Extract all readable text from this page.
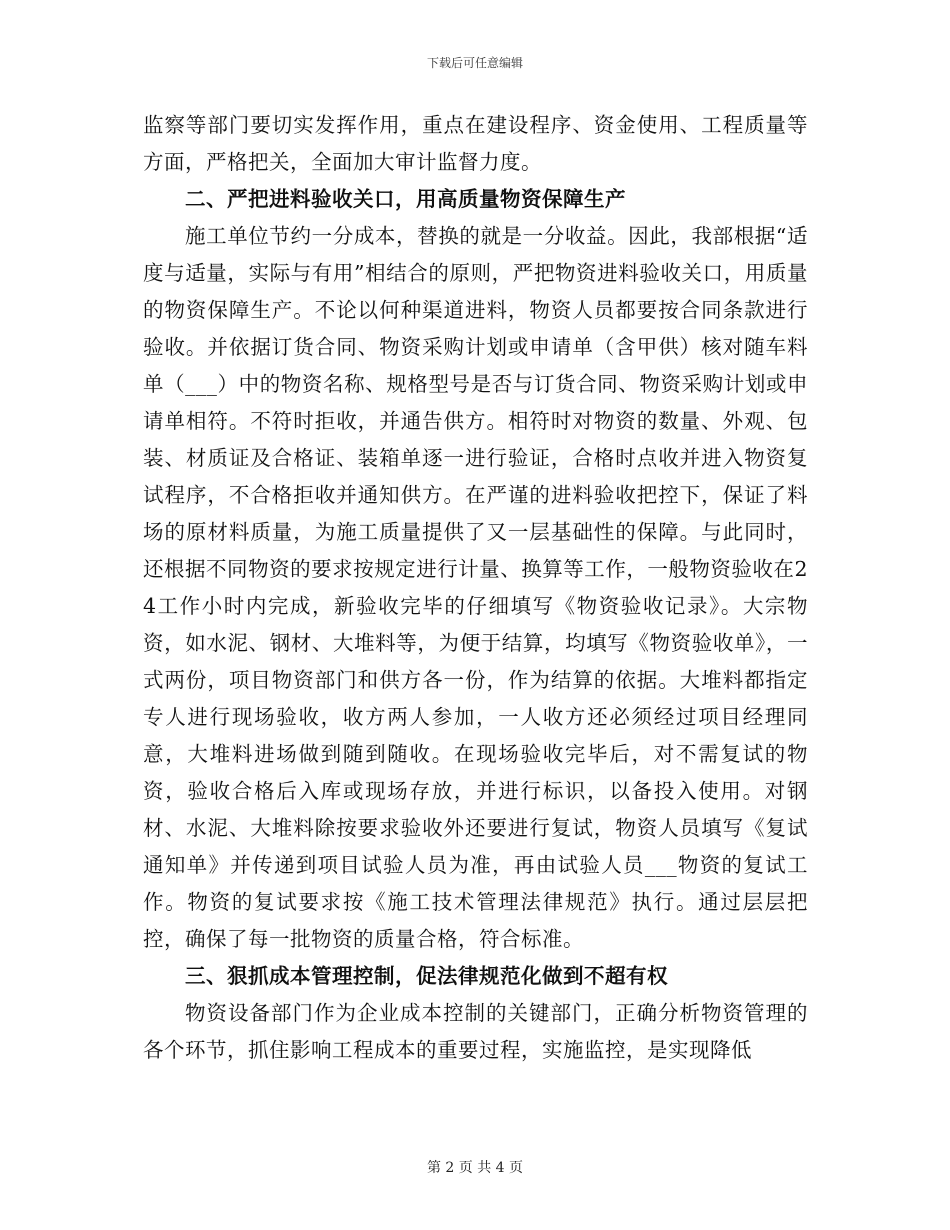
下载后可任意编辑

监察等部门要切实发挥作用，重点在建设程序、资金使用、工程质量等方面，严格把关，全面加大审计监督力度。

二、严把进料验收关口，用高质量物资保障生产

施工单位节约一分成本，替换的就是一分收益。因此，我部根据“适度与适量，实际与有用”相结合的原则，严把物资进料验收关口，用质量的物资保障生产。不论以何种渠道进料，物资人员都要按合同条款进行验收。并依据订货合同、物资采购计划或申请单（含甲供）核对随车料单（___）中的物资名称、规格型号是否与订货合同、物资采购计划或申请单相符。不符时拒收，并通告供方。相符时对物资的数量、外观、包装、材质证及合格证、装箱单逐一进行验证，合格时点收并进入物资复试程序，不合格拒收并通知供方。在严谨的进料验收把控下，保证了料场的原材料质量，为施工质量提供了又一层基础性的保障。与此同时，还根据不同物资的要求按规定进行计量、换算等工作，一般物资验收在24工作小时内完成，新验收完毕的仔细填写《物资验收记录》。大宗物资，如水泥、钢材、大堆料等，为便于结算，均填写《物资验收单》，一式两份，项目物资部门和供方各一份，作为结算的依据。大堆料都指定专人进行现场验收，收方两人参加，一人收方还必须经过项目经理同意，大堆料进场做到随到随收。在现场验收完毕后，对不需复试的物资，验收合格后入库或现场存放，并进行标识，以备投入使用。对钢材、水泥、大堆料除按要求验收外还要进行复试，物资人员填写《复试通知单》并传递到项目试验人员为准，再由试验人员___物资的复试工作。物资的复试要求按《施工技术管理法律规范》执行。通过层层把控，确保了每一批物资的质量合格，符合标准。

三、狠抓成本管理控制，促法律规范化做到不超有权

物资设备部门作为企业成本控制的关键部门，正确分析物资管理的各个环节，抓住影响工程成本的重要过程，实施监控，是实现降低

第 2 页 共 4 页
